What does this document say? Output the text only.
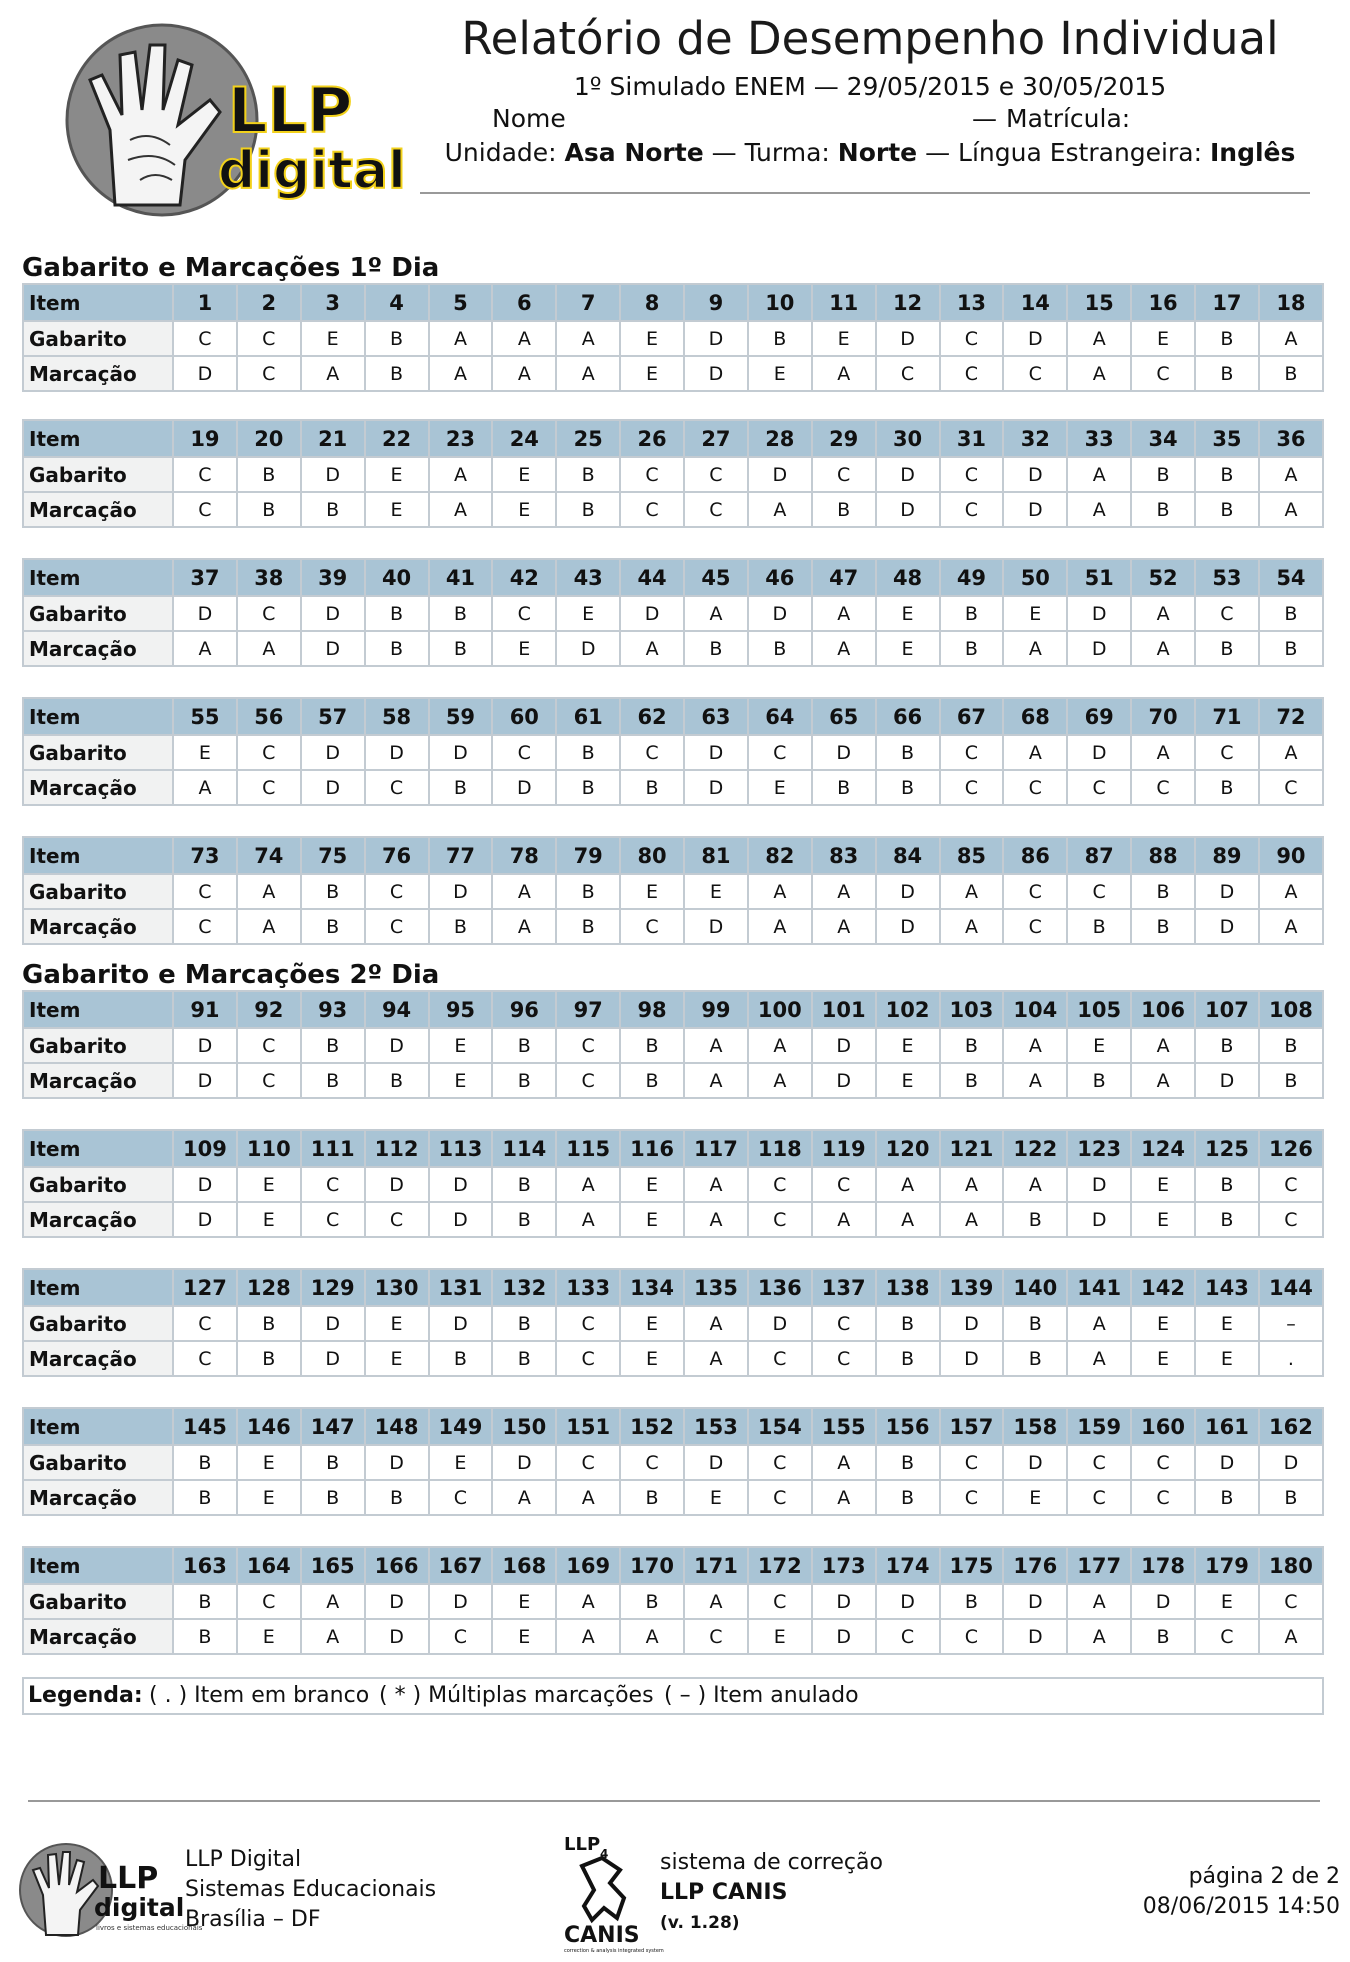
LLP
digital
Relatório de Desempenho Individual
1º Simulado ENEM — 29/05/2015 e 30/05/2015
Nome	— Matrícula:
Unidade: Asa Norte — Turma: Norte — Língua Estrangeira: Inglês
Gabarito e Marcações 1º Dia
Item	1	2	3	4	5	6	7	8	9	10	11	12	13	14	15	16	17	18
Gabarito	C	C	E	B	A	A	A	E	D	B	E	D	C	D	A	E	B	A
Marcação	D	C	A	B	A	A	A	E	D	E	A	C	C	C	A	C	B	B
Item	19	20	21	22	23	24	25	26	27	28	29	30	31	32	33	34	35	36
Gabarito	C	B	D	E	A	E	B	C	C	D	C	D	C	D	A	B	B	A
Marcação	C	B	B	E	A	E	B	C	C	A	B	D	C	D	A	B	B	A
Item	37	38	39	40	41	42	43	44	45	46	47	48	49	50	51	52	53	54
Gabarito	D	C	D	B	B	C	E	D	A	D	A	E	B	E	D	A	C	B
Marcação	A	A	D	B	B	E	D	A	B	B	A	E	B	A	D	A	B	B
Item	55	56	57	58	59	60	61	62	63	64	65	66	67	68	69	70	71	72
Gabarito	E	C	D	D	D	C	B	C	D	C	D	B	C	A	D	A	C	A
Marcação	A	C	D	C	B	D	B	B	D	E	B	B	C	C	C	C	B	C
Item	73	74	75	76	77	78	79	80	81	82	83	84	85	86	87	88	89	90
Gabarito	C	A	B	C	D	A	B	E	E	A	A	D	A	C	C	B	D	A
Marcação	C	A	B	C	B	A	B	C	D	A	A	D	A	C	B	B	D	A
Gabarito e Marcações 2º Dia
Item	91	92	93	94	95	96	97	98	99	100	101	102	103	104	105	106	107	108
Gabarito	D	C	B	D	E	B	C	B	A	A	D	E	B	A	E	A	B	B
Marcação	D	C	B	B	E	B	C	B	A	A	D	E	B	A	B	A	D	B
Item	109	110	111	112	113	114	115	116	117	118	119	120	121	122	123	124	125	126
Gabarito	D	E	C	D	D	B	A	E	A	C	C	A	A	A	D	E	B	C
Marcação	D	E	C	C	D	B	A	E	A	C	A	A	A	B	D	E	B	C
Item	127	128	129	130	131	132	133	134	135	136	137	138	139	140	141	142	143	144
Gabarito	C	B	D	E	D	B	C	E	A	D	C	B	D	B	A	E	E	–
Marcação	C	B	D	E	B	B	C	E	A	C	C	B	D	B	A	E	E	.
Item	145	146	147	148	149	150	151	152	153	154	155	156	157	158	159	160	161	162
Gabarito	B	E	B	D	E	D	C	C	D	C	A	B	C	D	C	C	D	D
Marcação	B	E	B	B	C	A	A	B	E	C	A	B	C	E	C	C	B	B
Item	163	164	165	166	167	168	169	170	171	172	173	174	175	176	177	178	179	180
Gabarito	B	C	A	D	D	E	A	B	A	C	D	D	B	D	A	D	E	C
Marcação	B	E	A	D	C	E	A	A	C	E	D	C	C	D	A	B	C	A
Legenda: ( . ) Item em branco ( * ) Múltiplas marcações ( – ) Item anulado
LLP
digital
livros e sistemas educacionais
LLP Digital
Sistemas Educacionais
Brasília – DF
LLP 4
CANIS
correction & analysis integrated system
sistema de correção
LLP CANIS
(v. 1.28)
página 2 de 2
08/06/2015 14:50
